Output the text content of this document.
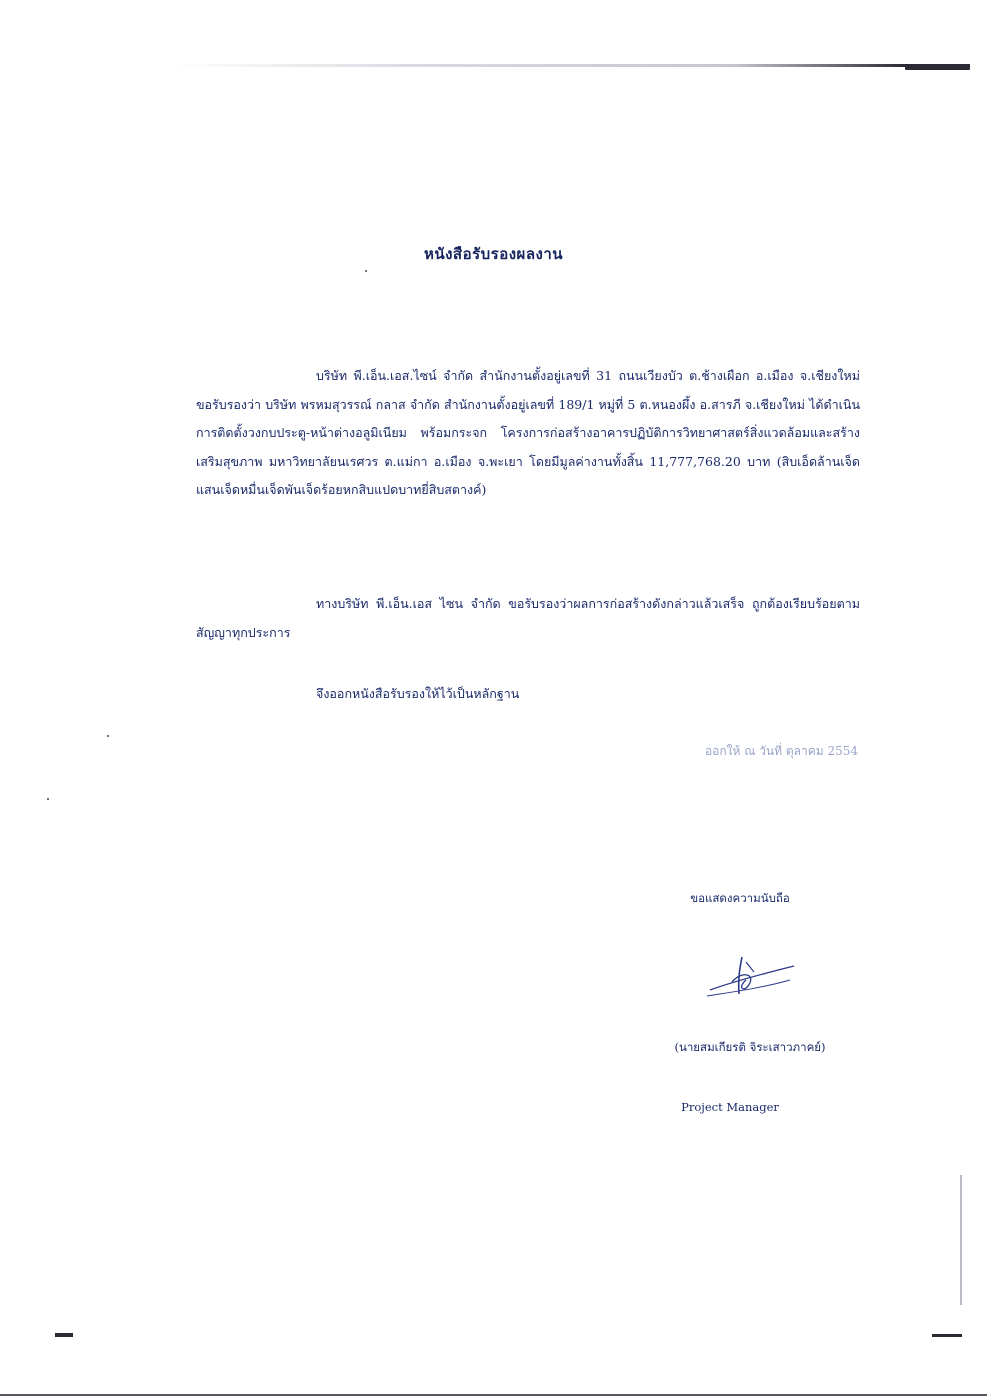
หนังสือรับรองผลงาน
บริษัท พี.เอ็น.เอส.ไซน์ จำกัด สำนักงานตั้งอยู่เลขที่ 31 ถนนเวียงบัว ต.ช้างเผือก อ.เมือง จ.เชียงใหม่ ขอรับรองว่า บริษัท พรหมสุวรรณ์ กลาส จำกัด สำนักงานตั้งอยู่เลขที่ 189/1 หมู่ที่ 5 ต.หนองผึ้ง อ.สารภี จ.เชียงใหม่ ได้ดำเนินการติดตั้งวงกบประตู-หน้าต่างอลูมิเนียม พร้อมกระจก โครงการก่อสร้างอาคารปฏิบัติการวิทยาศาสตร์สิ่งแวดล้อมและสร้างเสริมสุขภาพ มหาวิทยาลัยนเรศวร ต.แม่กา อ.เมือง จ.พะเยา โดยมีมูลค่างานทั้งสิ้น 11,777,768.20 บาท (สิบเอ็ดล้านเจ็ดแสนเจ็ดหมื่นเจ็ดพันเจ็ดร้อยหกสิบแปดบาทยี่สิบสตางค์)
ทางบริษัท พี.เอ็น.เอส ไซน จำกัด ขอรับรองว่าผลการก่อสร้างดังกล่าวแล้วเสร็จ ถูกต้องเรียบร้อยตามสัญญาทุกประการ
จึงออกหนังสือรับรองให้ไว้เป็นหลักฐาน
ออกให้ ณ วันที่ ตุลาคม 2554
ขอแสดงความนับถือ
(นายสมเกียรติ จิระเสาวภาคย์)
Project Manager
